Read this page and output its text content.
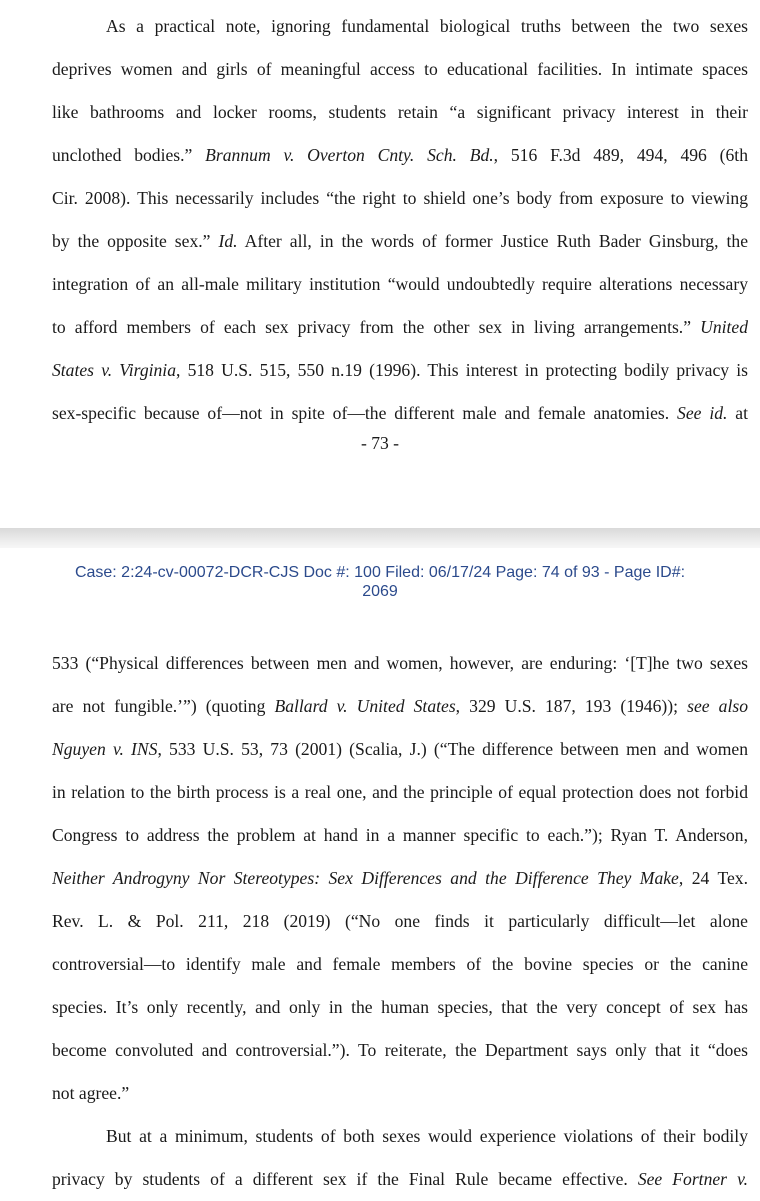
As a practical note, ignoring fundamental biological truths between the two sexes
deprives women and girls of meaningful access to educational facilities. In intimate spaces
like bathrooms and locker rooms, students retain “a significant privacy interest in their
unclothed bodies.” Brannum v. Overton Cnty. Sch. Bd., 516 F.3d 489, 494, 496 (6th
Cir. 2008). This necessarily includes “the right to shield one’s body from exposure to viewing
by the opposite sex.” Id. After all, in the words of former Justice Ruth Bader Ginsburg, the
integration of an all-male military institution “would undoubtedly require alterations necessary
to afford members of each sex privacy from the other sex in living arrangements.” United
States v. Virginia, 518 U.S. 515, 550 n.19 (1996). This interest in protecting bodily privacy is
sex-specific because of—not in spite of—the different male and female anatomies. See id. at
- 73 -
Case: 2:24-cv-00072-DCR-CJS Doc #: 100 Filed: 06/17/24 Page: 74 of 93 - Page ID#:
2069
533 (“Physical differences between men and women, however, are enduring: ‘[T]he two sexes
are not fungible.’”) (quoting Ballard v. United States, 329 U.S. 187, 193 (1946)); see also
Nguyen v. INS, 533 U.S. 53, 73 (2001) (Scalia, J.) (“The difference between men and women
in relation to the birth process is a real one, and the principle of equal protection does not forbid
Congress to address the problem at hand in a manner specific to each.”); Ryan T. Anderson,
Neither Androgyny Nor Stereotypes: Sex Differences and the Difference They Make, 24 Tex.
Rev. L. & Pol. 211, 218 (2019) (“No one finds it particularly difficult—let alone
controversial—to identify male and female members of the bovine species or the canine
species. It’s only recently, and only in the human species, that the very concept of sex has
become convoluted and controversial.”). To reiterate, the Department says only that it “does
not agree.”
But at a minimum, students of both sexes would experience violations of their bodily
privacy by students of a different sex if the Final Rule became effective. See Fortner v.
